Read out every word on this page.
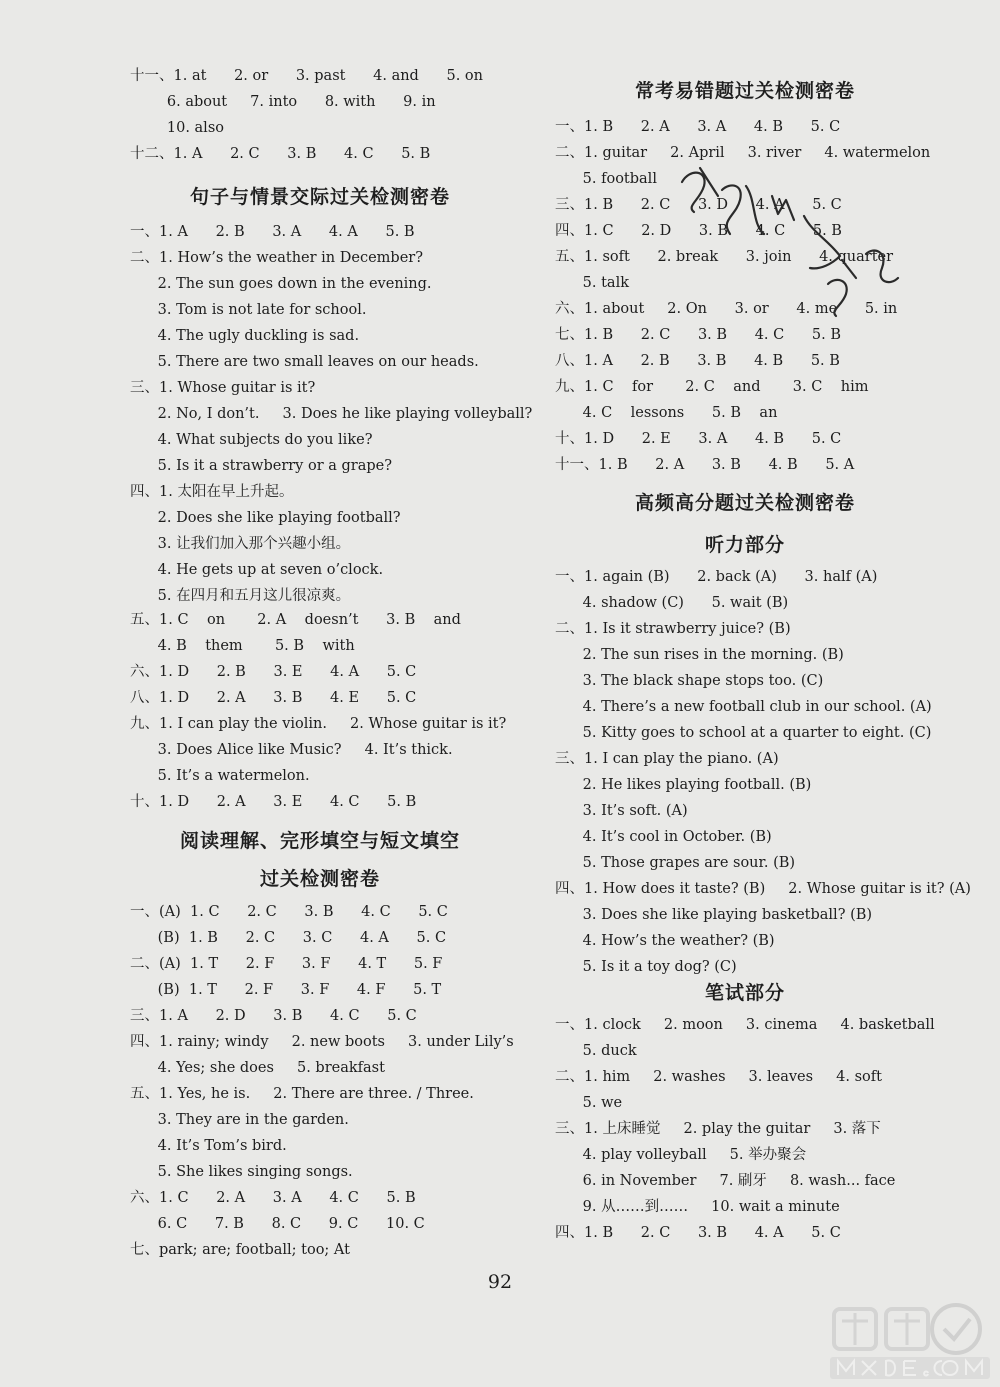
十一、1. at      2. or      3. past      4. and      5. on
6. about     7. into      8. with      9. in
10. also
十二、1. A      2. C      3. B      4. C      5. B
句子与情景交际过关检测密卷
一、1. A      2. B      3. A      4. A      5. B
二、1. How’s the weather in December?
2. The sun goes down in the evening.
3. Tom is not late for school.
4. The ugly duckling is sad.
5. There are two small leaves on our heads.
三、1. Whose guitar is it?
2. No, I don’t.     3. Does he like playing volleyball?
4. What subjects do you like?
5. Is it a strawberry or a grape?
四、1. 太阳在早上升起。
2. Does she like playing football?
3. 让我们加入那个兴趣小组。
4. He gets up at seven o’clock.
5. 在四月和五月这儿很凉爽。
五、1. C    on       2. A    doesn’t      3. B    and
4. B    them       5. B    with
六、1. D      2. B      3. E      4. A      5. C
八、1. D      2. A      3. B      4. E      5. C
九、1. I can play the violin.     2. Whose guitar is it?
3. Does Alice like Music?     4. It’s thick.
5. It’s a watermelon.
十、1. D      2. A      3. E      4. C      5. B
阅读理解、完形填空与短文填空
过关检测密卷
一、(A)  1. C      2. C      3. B      4. C      5. C
(B)  1. B      2. C      3. C      4. A      5. C
二、(A)  1. T      2. F      3. F      4. T      5. F
(B)  1. T      2. F      3. F      4. F      5. T
三、1. A      2. D      3. B      4. C      5. C
四、1. rainy; windy     2. new boots     3. under Lily’s
4. Yes; she does     5. breakfast
五、1. Yes, he is.     2. There are three. / Three.
3. They are in the garden.
4. It’s Tom’s bird.
5. She likes singing songs.
六、1. C      2. A      3. A      4. C      5. B
6. C      7. B      8. C      9. C      10. C
七、park; are; football; too; At
常考易错题过关检测密卷
一、1. B      2. A      3. A      4. B      5. C
二、1. guitar     2. April     3. river     4. watermelon
5. football
三、1. B      2. C      3. D      4. A      5. C
四、1. C      2. D      3. B      4. C      5. B
五、1. soft      2. break      3. join      4. quarter
5. talk
六、1. about     2. On      3. or      4. me      5. in
七、1. B      2. C      3. B      4. C      5. B
八、1. A      2. B      3. B      4. B      5. B
九、1. C    for       2. C    and       3. C    him
4. C    lessons      5. B    an
十、1. D      2. E      3. A      4. B      5. C
十一、1. B      2. A      3. B      4. B      5. A
高频高分题过关检测密卷
听力部分
一、1. again (B)      2. back (A)      3. half (A)
4. shadow (C)      5. wait (B)
二、1. Is it strawberry juice? (B)
2. The sun rises in the morning. (B)
3. The black shape stops too. (C)
4. There’s a new football club in our school. (A)
5. Kitty goes to school at a quarter to eight. (C)
三、1. I can play the piano. (A)
2. He likes playing football. (B)
3. It’s soft. (A)
4. It’s cool in October. (B)
5. Those grapes are sour. (B)
四、1. How does it taste? (B)     2. Whose guitar is it? (A)
3. Does she like playing basketball? (B)
4. How’s the weather? (B)
5. Is it a toy dog? (C)
笔试部分
一、1. clock     2. moon     3. cinema     4. basketball
5. duck
二、1. him     2. washes     3. leaves     4. soft
5. we
三、1. 上床睡觉     2. play the guitar     3. 落下
4. play volleyball     5. 举办聚会
6. in November     7. 刷牙     8. wash... face
9. 从……到……     10. wait a minute
四、1. B      2. C      3. B      4. A      5. C
92
